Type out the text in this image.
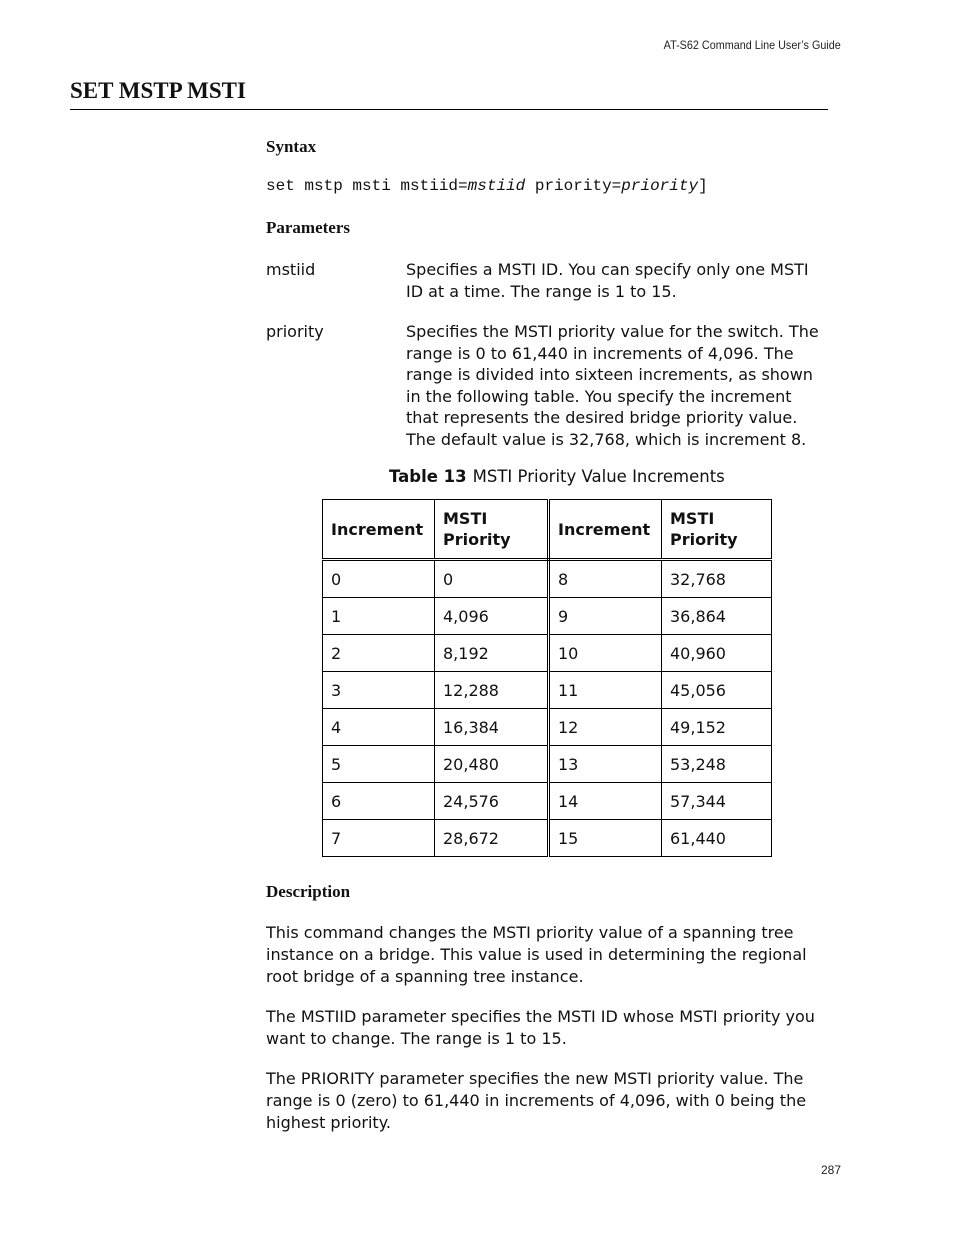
AT-S62 Command Line User’s Guide
SET MSTP MSTI
Syntax
set mstp msti mstiid=mstiid priority=priority]
Parameters
mstiid	Specifies a MSTI ID. You can specify only one MSTI ID at a time. The range is 1 to 15.
priority	Specifies the MSTI priority value for the switch. The range is 0 to 61,440 in increments of 4,096. The range is divided into sixteen increments, as shown in the following table. You specify the increment that represents the desired bridge priority value. The default value is 32,768, which is increment 8.
Table 13 MSTI Priority Value Increments
Increment	MSTI Priority	Increment	MSTI Priority
0	0	8	32,768
1	4,096	9	36,864
2	8,192	10	40,960
3	12,288	11	45,056
4	16,384	12	49,152
5	20,480	13	53,248
6	24,576	14	57,344
7	28,672	15	61,440
Description

This command changes the MSTI priority value of a spanning tree instance on a bridge. This value is used in determining the regional root bridge of a spanning tree instance.

The MSTIID parameter specifies the MSTI ID whose MSTI priority you want to change. The range is 1 to 15.

The PRIORITY parameter specifies the new MSTI priority value. The range is 0 (zero) to 61,440 in increments of 4,096, with 0 being the highest priority.

287
